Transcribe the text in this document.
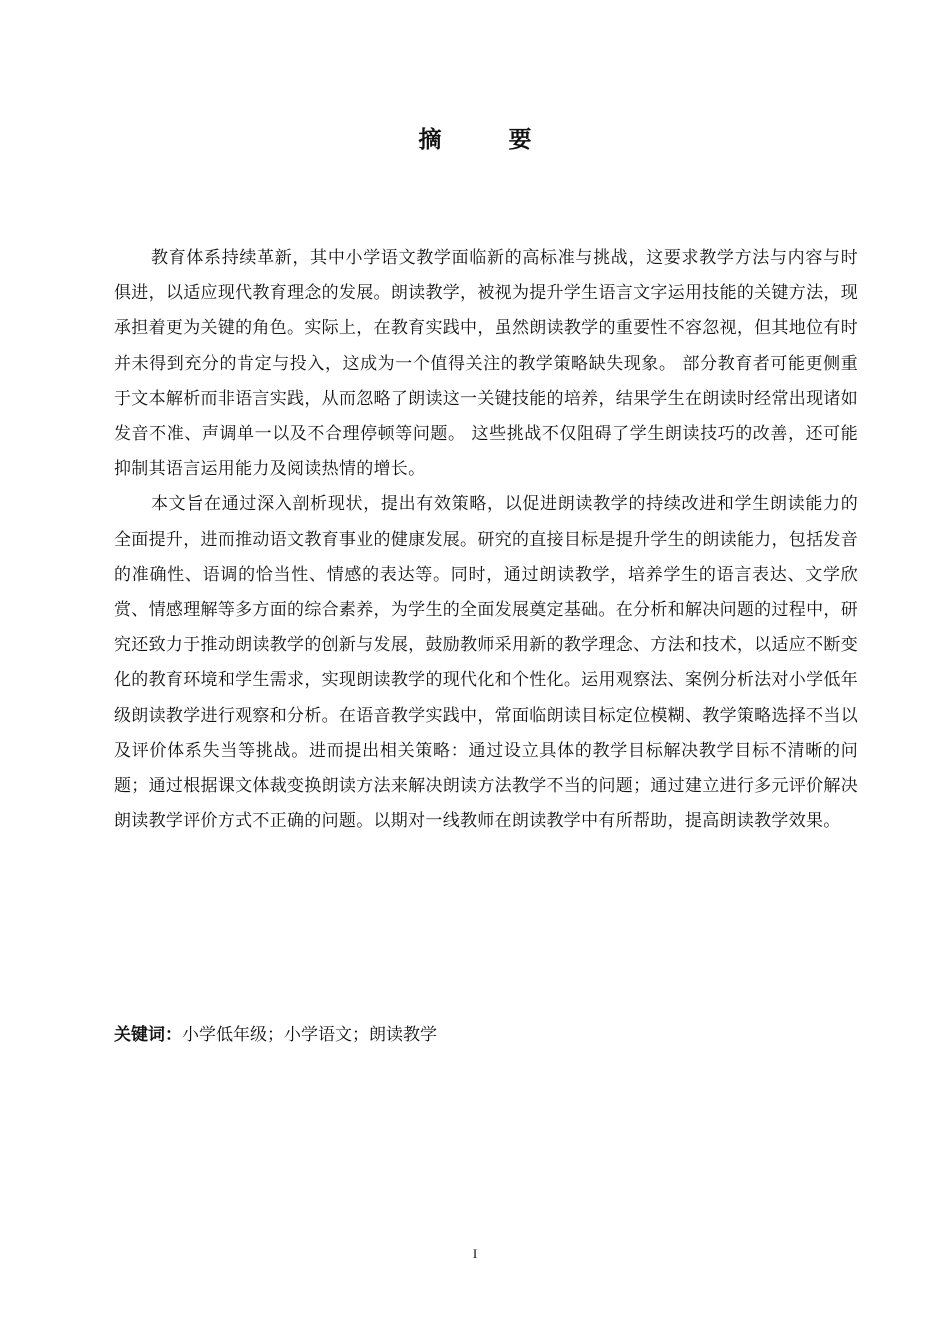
摘　要

教育体系持续革新，其中小学语文教学面临新的高标准与挑战，这要求教学方法与内容与时俱进，以适应现代教育理念的发展。朗读教学，被视为提升学生语言文字运用技能的关键方法，现承担着更为关键的角色。实际上，在教育实践中，虽然朗读教学的重要性不容忽视，但其地位有时并未得到充分的肯定与投入，这成为一个值得关注的教学策略缺失现象。 部分教育者可能更侧重于文本解析而非语言实践，从而忽略了朗读这一关键技能的培养，结果学生在朗读时经常出现诸如发音不准、声调单一以及不合理停顿等问题。 这些挑战不仅阻碍了学生朗读技巧的改善，还可能抑制其语言运用能力及阅读热情的增长。

本文旨在通过深入剖析现状，提出有效策略，以促进朗读教学的持续改进和学生朗读能力的全面提升，进而推动语文教育事业的健康发展。研究的直接目标是提升学生的朗读能力，包括发音的准确性、语调的恰当性、情感的表达等。同时，通过朗读教学，培养学生的语言表达、文学欣赏、情感理解等多方面的综合素养，为学生的全面发展奠定基础。在分析和解决问题的过程中，研究还致力于推动朗读教学的创新与发展，鼓励教师采用新的教学理念、方法和技术，以适应不断变化的教育环境和学生需求，实现朗读教学的现代化和个性化。运用观察法、案例分析法对小学低年级朗读教学进行观察和分析。在语音教学实践中，常面临朗读目标定位模糊、教学策略选择不当以及评价体系失当等挑战。进而提出相关策略：通过设立具体的教学目标解决教学目标不清晰的问题；通过根据课文体裁变换朗读方法来解决朗读方法教学不当的问题；通过建立进行多元评价解决朗读教学评价方式不正确的问题。以期对一线教师在朗读教学中有所帮助，提高朗读教学效果。

关键词：小学低年级；小学语文；朗读教学

I
